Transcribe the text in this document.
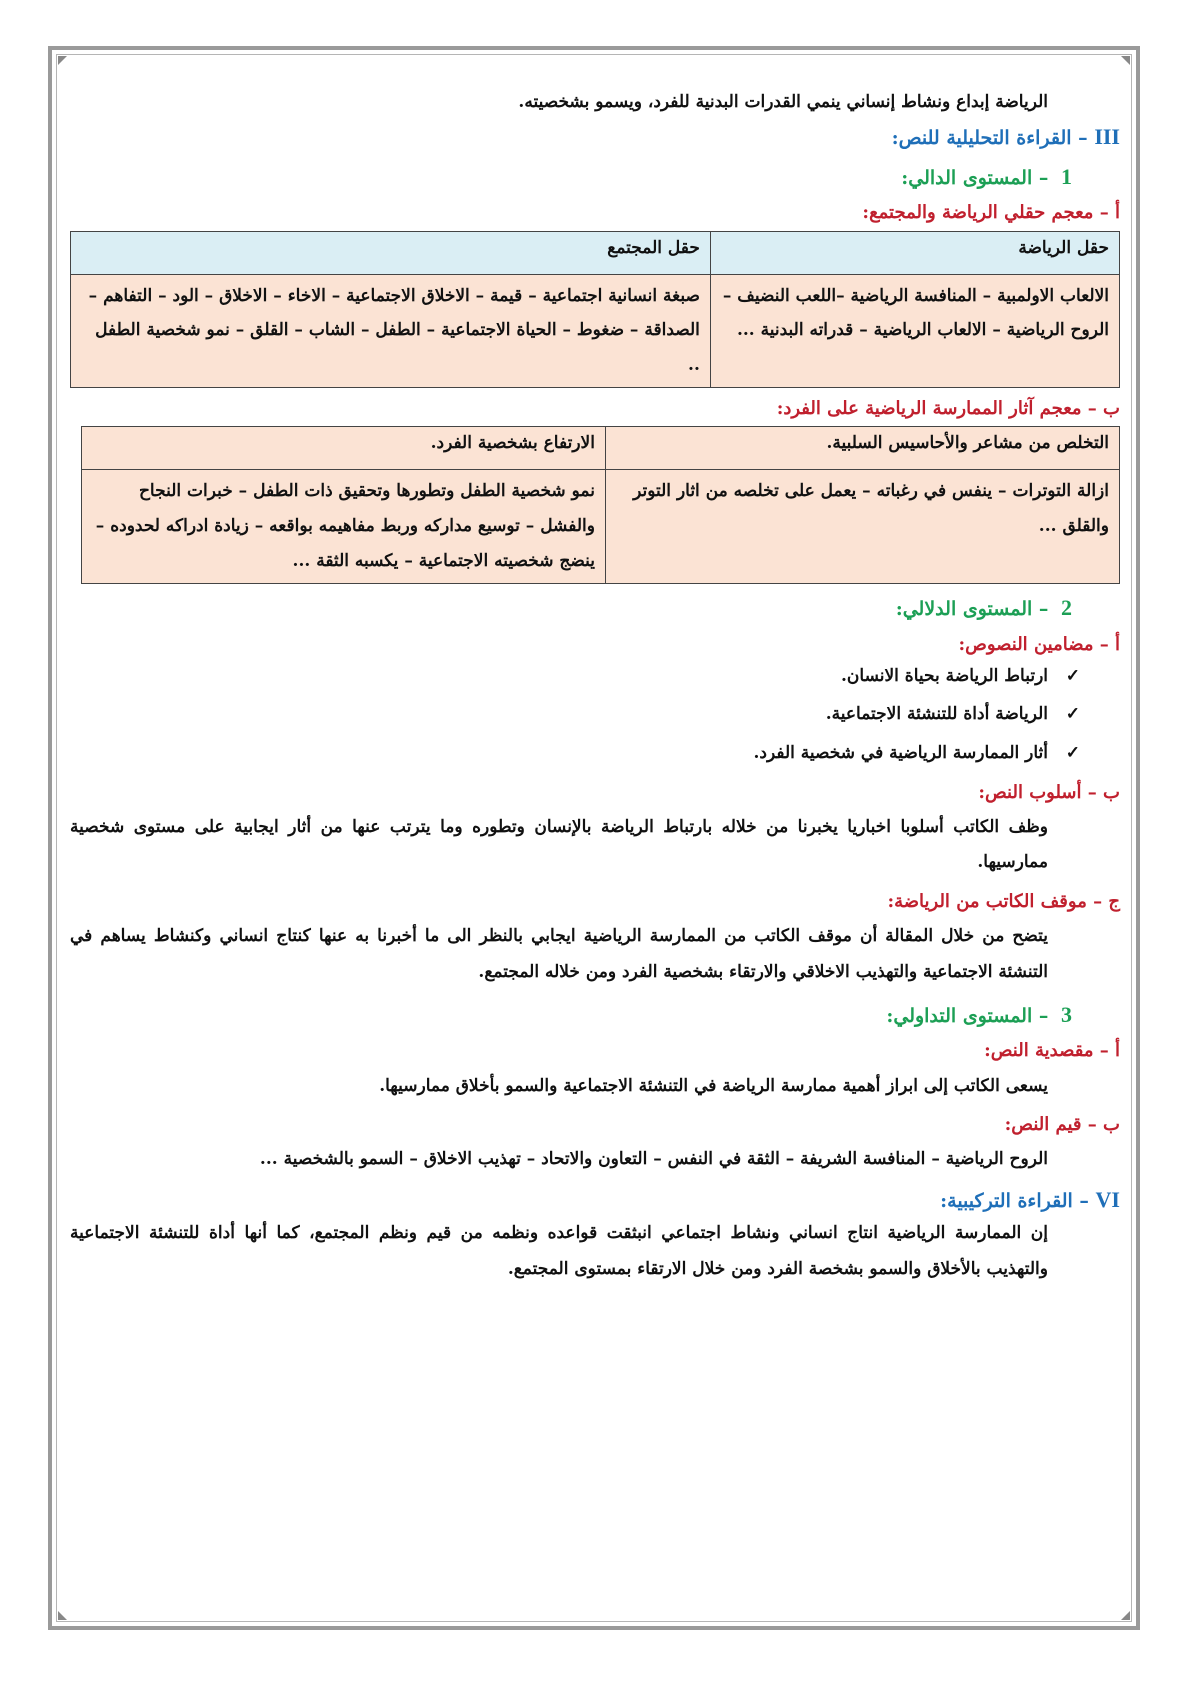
الرياضة إبداع ونشاط إنساني ينمي القدرات البدنية للفرد، ويسمو بشخصيته.

III – القراءة التحليلية للنص:
1 – المستوى الدالي:
أ – معجم حقلي الرياضة والمجتمع:
حقل الرياضة	حقل المجتمع
الالعاب الاولمبية – المنافسة الرياضية –اللعب النضيف – الروح الرياضية – الالعاب الرياضية – قدراته البدنية ...	صبغة انسانية اجتماعية – قيمة – الاخلاق الاجتماعية – الاخاء – الاخلاق – الود – التفاهم – الصداقة – ضغوط – الحياة الاجتماعية – الطفل – الشاب – القلق – نمو شخصية الطفل ..
ب – معجم آثار الممارسة الرياضية على الفرد:
التخلص من مشاعر والأحاسيس السلبية.	الارتفاع بشخصية الفرد.
ازالة التوترات – ينفس في رغباته – يعمل على تخلصه من اثار التوتر والقلق ...	نمو شخصية الطفل وتطورها وتحقيق ذات الطفل – خبرات النجاح والفشل – توسيع مداركه وربط مفاهيمه بواقعه – زيادة ادراكه لحدوده – ينضج شخصيته الاجتماعية – يكسبه الثقة ...
2 – المستوى الدلالي:
أ – مضامين النصوص:
✓ارتباط الرياضة بحياة الانسان.
✓الرياضة أداة للتنشئة الاجتماعية.
✓أثار الممارسة الرياضية في شخصية الفرد.
ب – أسلوب النص:

وظف الكاتب أسلوبا اخباريا يخبرنا من خلاله بارتباط الرياضة بالإنسان وتطوره وما يترتب عنها من أثار ايجابية على مستوى شخصية ممارسيها.

ج – موقف الكاتب من الرياضة:

يتضح من خلال المقالة أن موقف الكاتب من الممارسة الرياضية ايجابي بالنظر الى ما أخبرنا به عنها كنتاج انساني وكنشاط يساهم في التنشئة الاجتماعية والتهذيب الاخلاقي والارتقاء بشخصية الفرد ومن خلاله المجتمع.

3 – المستوى التداولي:
أ – مقصدية النص:

يسعى الكاتب إلى ابراز أهمية ممارسة الرياضة في التنشئة الاجتماعية والسمو بأخلاق ممارسيها.

ب – قيم النص:

الروح الرياضية – المنافسة الشريفة – الثقة في النفس – التعاون والاتحاد – تهذيب الاخلاق – السمو بالشخصية ...

VI – القراءة التركيبية:

إن الممارسة الرياضية انتاج انساني ونشاط اجتماعي انبثقت قواعده ونظمه من قيم ونظم المجتمع، كما أنها أداة للتنشئة الاجتماعية والتهذيب بالأخلاق والسمو بشخصة الفرد ومن خلال الارتقاء بمستوى المجتمع.
